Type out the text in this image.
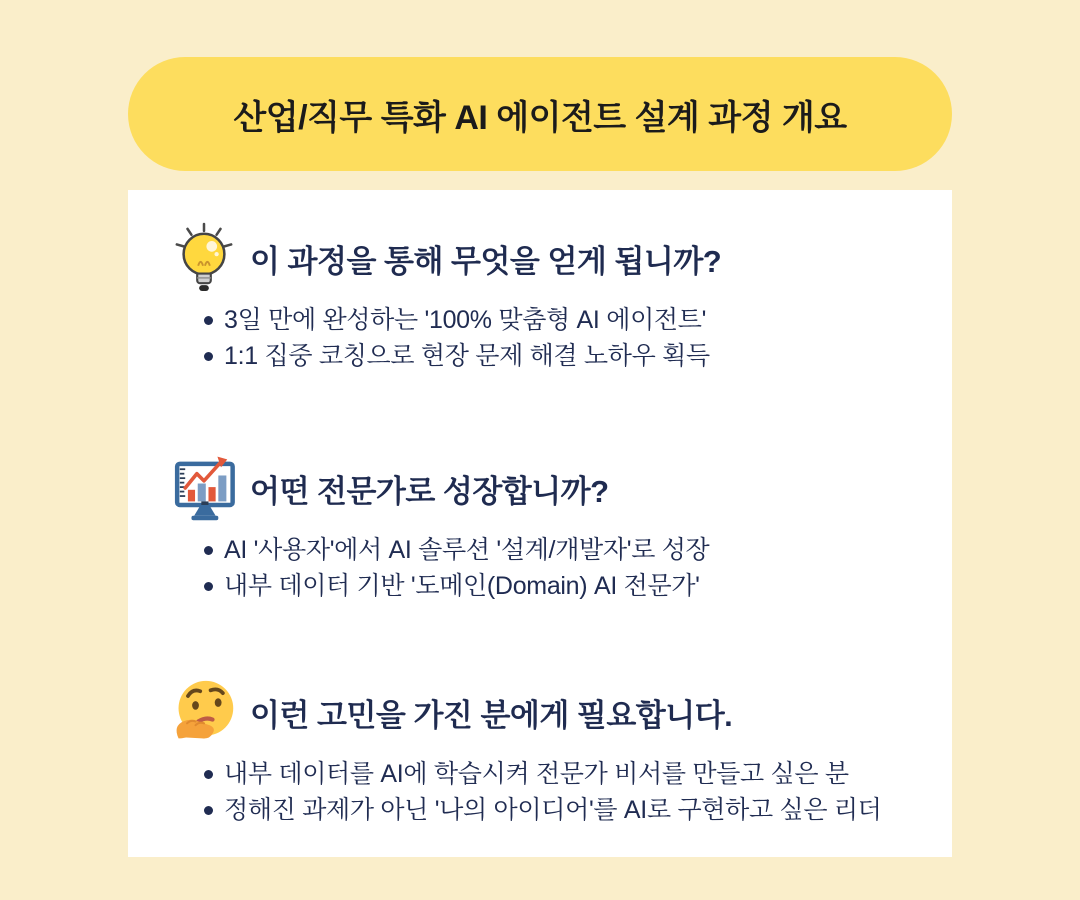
산업/직무 특화 AI 에이전트 설계 과정 개요
이 과정을 통해 무엇을 얻게 됩니까?
3일 만에 완성하는 '100% 맞춤형 AI 에이전트'
1:1 집중 코칭으로 현장 문제 해결 노하우 획득
어떤 전문가로 성장합니까?
AI '사용자'에서 AI 솔루션 '설계/개발자'로 성장
내부 데이터 기반 '도메인(Domain) AI 전문가'
이런 고민을 가진 분에게 필요합니다.
내부 데이터를 AI에 학습시켜 전문가 비서를 만들고 싶은 분
정해진 과제가 아닌 '나의 아이디어'를 AI로 구현하고 싶은 리더
